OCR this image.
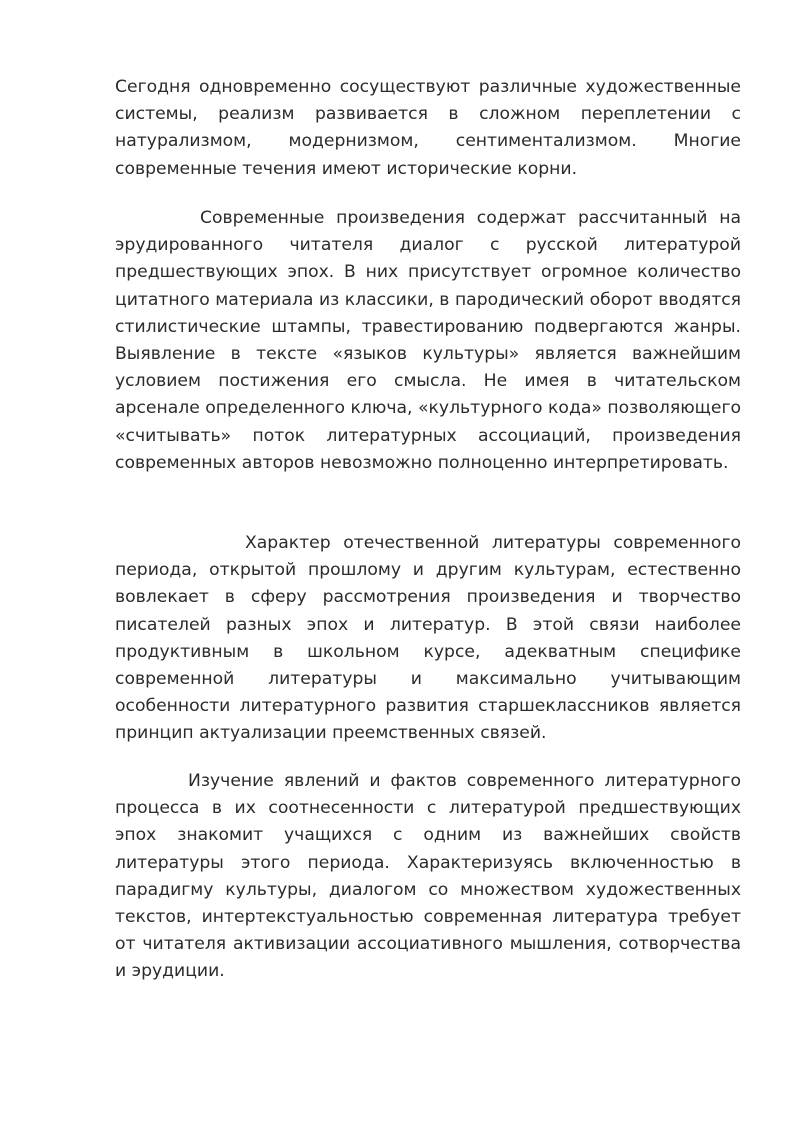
Сегодня одновременно сосуществуют различные художественные системы, реализм развивается в сложном переплетении с натурализмом, модернизмом, сентиментализмом. Многие современные течения имеют исторические корни.

Современные произведения содержат рассчитанный на эрудированного читателя диалог с русской литературой предшествующих эпох. В них присутствует огромное количество цитатного материала из классики, в пародический оборот вводятся стилистические штампы, травестированию подвергаются жанры. Выявление в тексте «языков культуры» является важнейшим условием постижения его смысла. Не имея в читательском арсенале определенного ключа, «культурного кода» позволяющего «считывать» поток литературных ассоциаций, произведения современных авторов невозможно полноценно интерпретировать.

Характер отечественной литературы современного периода, открытой прошлому и другим культурам, естественно вовлекает в сферу рассмотрения произведения и творчество писателей разных эпох и литератур. В этой связи наиболее продуктивным в школьном курсе, адекватным специфике современной литературы и максимально учитывающим особенности литературного развития старшеклассников является принцип актуализации преемственных связей.

Изучение явлений и фактов современного литературного процесса в их соотнесенности с литературой предшествующих эпох знакомит учащихся с одним из важнейших свойств литературы этого периода. Характеризуясь включенностью в парадигму культуры, диалогом со множеством художественных текстов, интертекстуальностью современная литература требует от читателя активизации ассоциативного мышления, сотворчества и эрудиции.
